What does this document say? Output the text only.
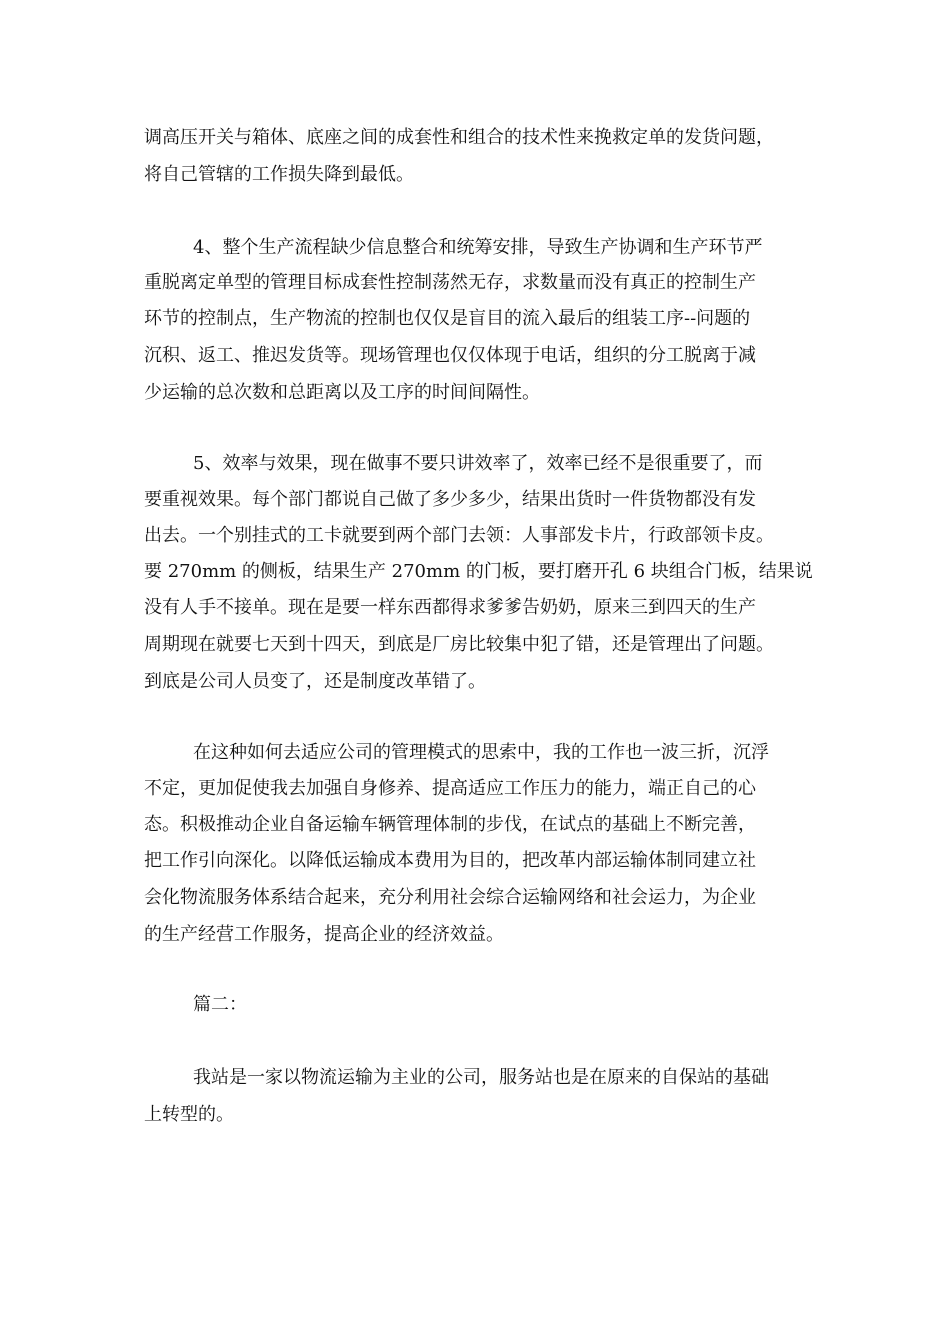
调高压开关与箱体、底座之间的成套性和组合的技术性来挽救定单的发货问题，
将自己管辖的工作损失降到最低。
4、整个生产流程缺少信息整合和统筹安排，导致生产协调和生产环节严
重脱离定单型的管理目标成套性控制荡然无存，求数量而没有真正的控制生产
环节的控制点，生产物流的控制也仅仅是盲目的流入最后的组装工序--问题的
沉积、返工、推迟发货等。现场管理也仅仅体现于电话，组织的分工脱离于减
少运输的总次数和总距离以及工序的时间间隔性。
5、效率与效果，现在做事不要只讲效率了，效率已经不是很重要了，而
要重视效果。每个部门都说自己做了多少多少，结果出货时一件货物都没有发
出去。一个别挂式的工卡就要到两个部门去领：人事部发卡片，行政部领卡皮。
要 270mm 的侧板，结果生产 270mm 的门板，要打磨开孔 6 块组合门板，结果说
没有人手不接单。现在是要一样东西都得求爹爹告奶奶，原来三到四天的生产
周期现在就要七天到十四天，到底是厂房比较集中犯了错，还是管理出了问题。
到底是公司人员变了，还是制度改革错了。
在这种如何去适应公司的管理模式的思索中，我的工作也一波三折，沉浮
不定，更加促使我去加强自身修养、提高适应工作压力的能力，端正自己的心
态。积极推动企业自备运输车辆管理体制的步伐，在试点的基础上不断完善，
把工作引向深化。以降低运输成本费用为目的，把改革内部运输体制同建立社
会化物流服务体系结合起来，充分利用社会综合运输网络和社会运力，为企业
的生产经营工作服务，提高企业的经济效益。
篇二：
我站是一家以物流运输为主业的公司，服务站也是在原来的自保站的基础
上转型的。
